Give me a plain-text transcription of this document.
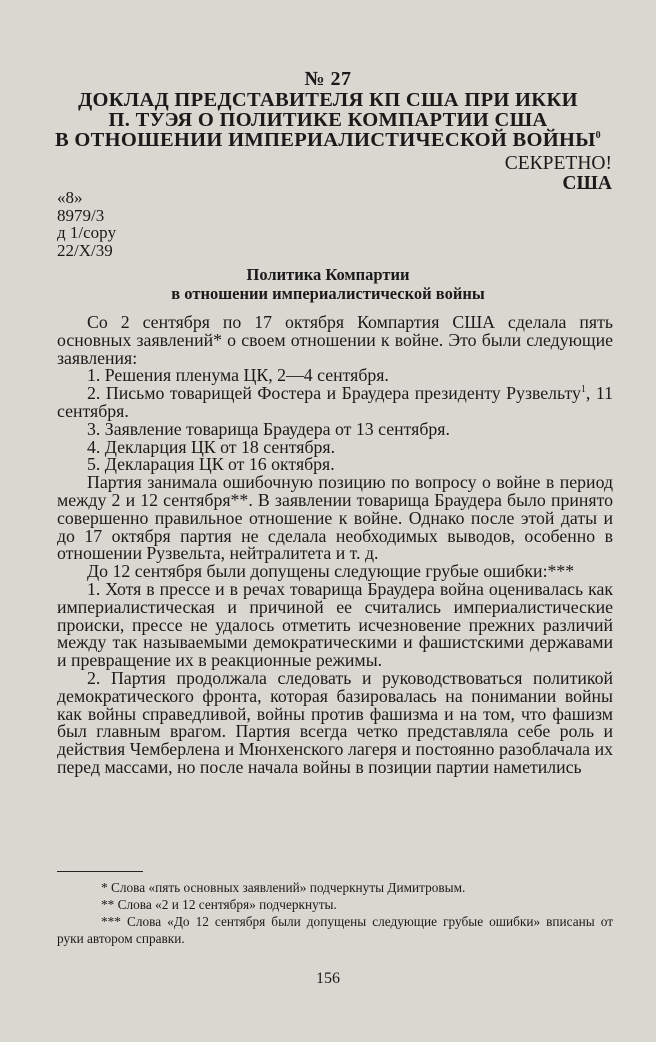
№ 27
ДОКЛАД ПРЕДСТАВИТЕЛЯ КП США ПРИ ИККИ
П. ТУЭЯ О ПОЛИТИКЕ КОМПАРТИИ США
В ОТНОШЕНИИ ИМПЕРИАЛИСТИЧЕСКОЙ ВОЙНЫ$^0$
СЕКРЕТНО!
США
«8»
8979/3
д 1/copy
22/X/39
Политика Компартии
в отношении империалистической войны

Со 2 сентября по 17 октября Компартия США сделала пять основных заявлений* о своем отношении к войне. Это были следующие заявления:

1. Решения пленума ЦК, 2—4 сентября.

2. Письмо товарищей Фостера и Браудера президенту Рузвельту$^1$, 11 сентября.

3. Заявление товарища Браудера от 13 сентября.

4. Декларция ЦК от 18 сентября.

5. Декларация ЦК от 16 октября.

Партия занимала ошибочную позицию по вопросу о войне в период между 2 и 12 сентября**. В заявлении товарища Браудера было принято совершенно правильное отношение к войне. Однако после этой даты и до 17 октября партия не сделала необходимых выводов, особенно в отношении Рузвельта, нейтралитета и т. д.

До 12 сентября были допущены следующие грубые ошибки:***

1. Хотя в прессе и в речах товарища Браудера война оценивалась как империалистическая и причиной ее считались империалистические происки, прессе не удалось отметить исчезновение прежних различий между так называемыми демократическими и фашистскими державами и превращение их в реакционные режимы.

2. Партия продолжала следовать и руководствоваться политикой демократического фронта, которая базировалась на понимании войны как войны справедливой, войны против фашизма и на том, что фашизм был главным врагом. Партия всегда четко представляла себе роль и действия Чемберлена и Мюнхенского лагеря и постоянно разоблачала их перед массами, но после начала войны в позиции партии наметились

* Слова «пять основных заявлений» подчеркнуты Димитровым.

** Слова «2 и 12 сентября» подчеркнуты.

*** Слова «До 12 сентября были допущены следующие грубые ошибки» вписаны от руки автором справки.

156
